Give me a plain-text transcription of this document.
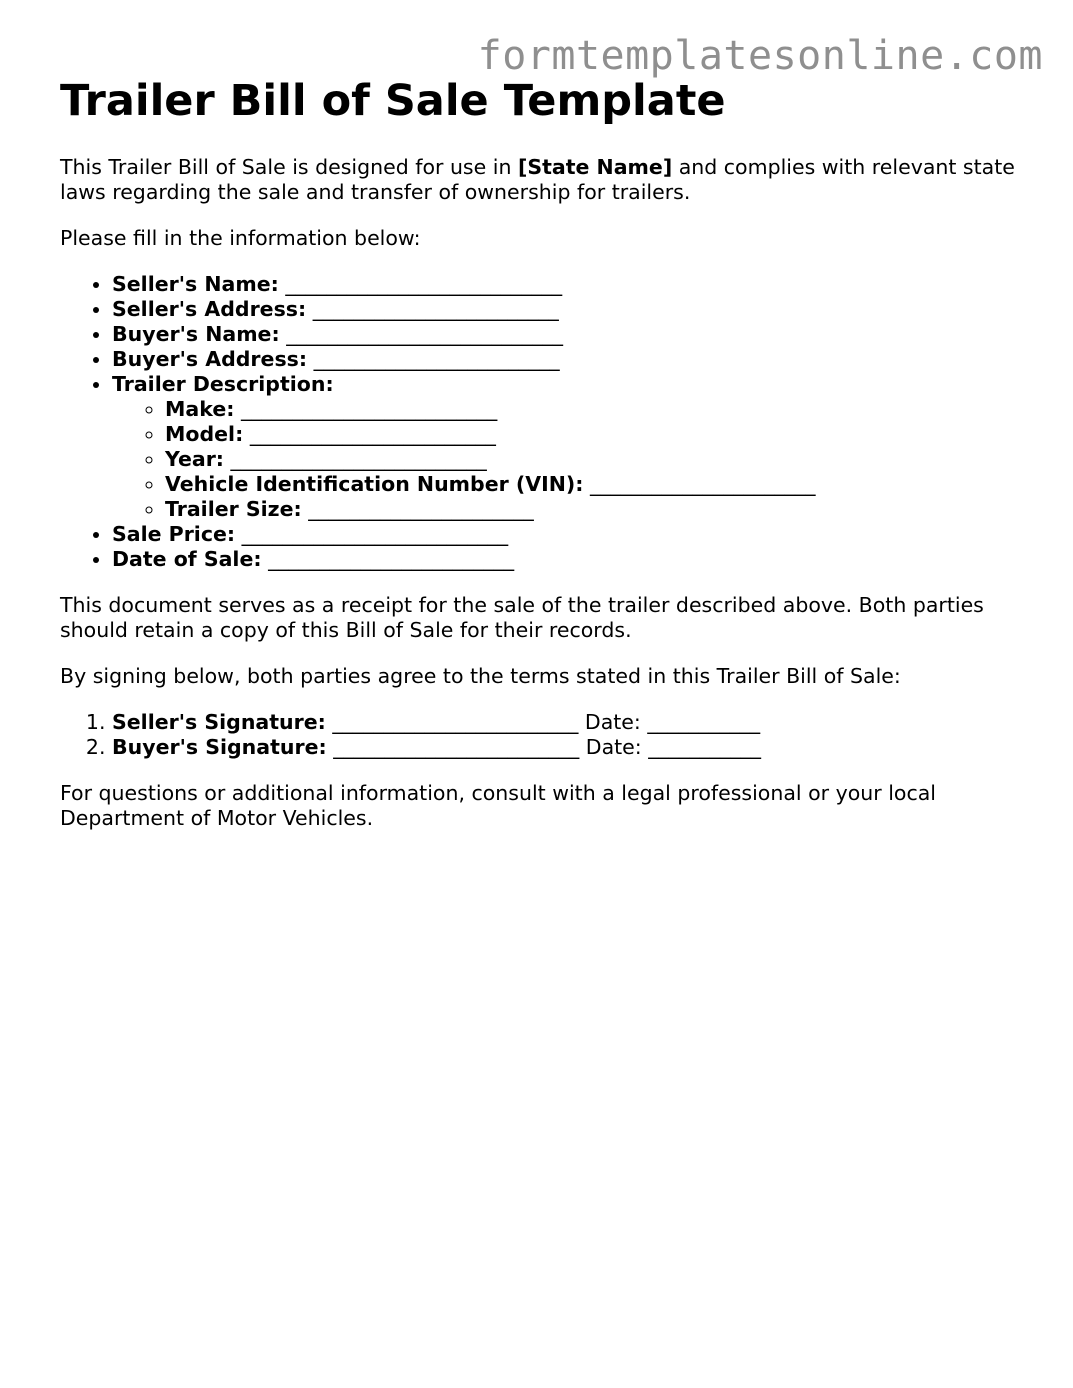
formtemplatesonline.com
Trailer Bill of Sale Template

This Trailer Bill of Sale is designed for use in [State Name] and complies with relevant state laws regarding the sale and transfer of ownership for trailers.

Please fill in the information below:

• Seller's Name: ___________________________
• Seller's Address: ________________________
• Buyer's Name: ___________________________
• Buyer's Address: ________________________
• Trailer Description:
◦ Make: _________________________
◦ Model: ________________________
◦ Year: _________________________
◦ Vehicle Identification Number (VIN): ______________________
◦ Trailer Size: ______________________
• Sale Price: __________________________
• Date of Sale: ________________________

This document serves as a receipt for the sale of the trailer described above. Both parties should retain a copy of this Bill of Sale for their records.

By signing below, both parties agree to the terms stated in this Trailer Bill of Sale:

1. Seller's Signature: ________________________ Date: ___________
2. Buyer's Signature: ________________________ Date: ___________

For questions or additional information, consult with a legal professional or your local Department of Motor Vehicles.
